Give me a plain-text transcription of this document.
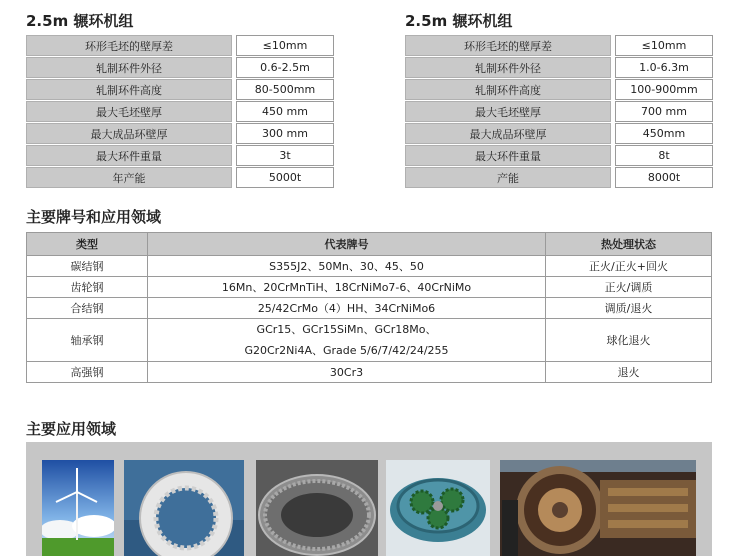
2.5m 辗环机组
环形毛坯的壁厚差		≤10mm
轧制环件外径		0.6-2.5m
轧制环件高度		80-500mm
最大毛坯壁厚		450 mm
最大成品环壁厚		300 mm
最大环件重量		3t
年产能		5000t
2.5m 辗环机组
环形毛坯的壁厚差		≤10mm
轧制环件外径		1.0-6.3m
轧制环件高度		100-900mm
最大毛坯壁厚		700 mm
最大成品环壁厚		450mm
最大环件重量		8t
产能		8000t
主要牌号和应用领域
类型	代表牌号	热处理状态
碳结钢	S355J2、50Mn、30、45、50	正火/正火+回火
齿轮钢	16Mn、20CrMnTiH、18CrNiMo7-6、40CrNiMo	正火/调质
合结钢	25/42CrMo（4）HH、34CrNiMo6	调质/退火
轴承钢	GCr15、GCr15SiMn、GCr18Mo、
G20Cr2Ni4A、Grade 5/6/7/42/24/255	球化退火
高强钢	30Cr3	退火
主要应用领域
